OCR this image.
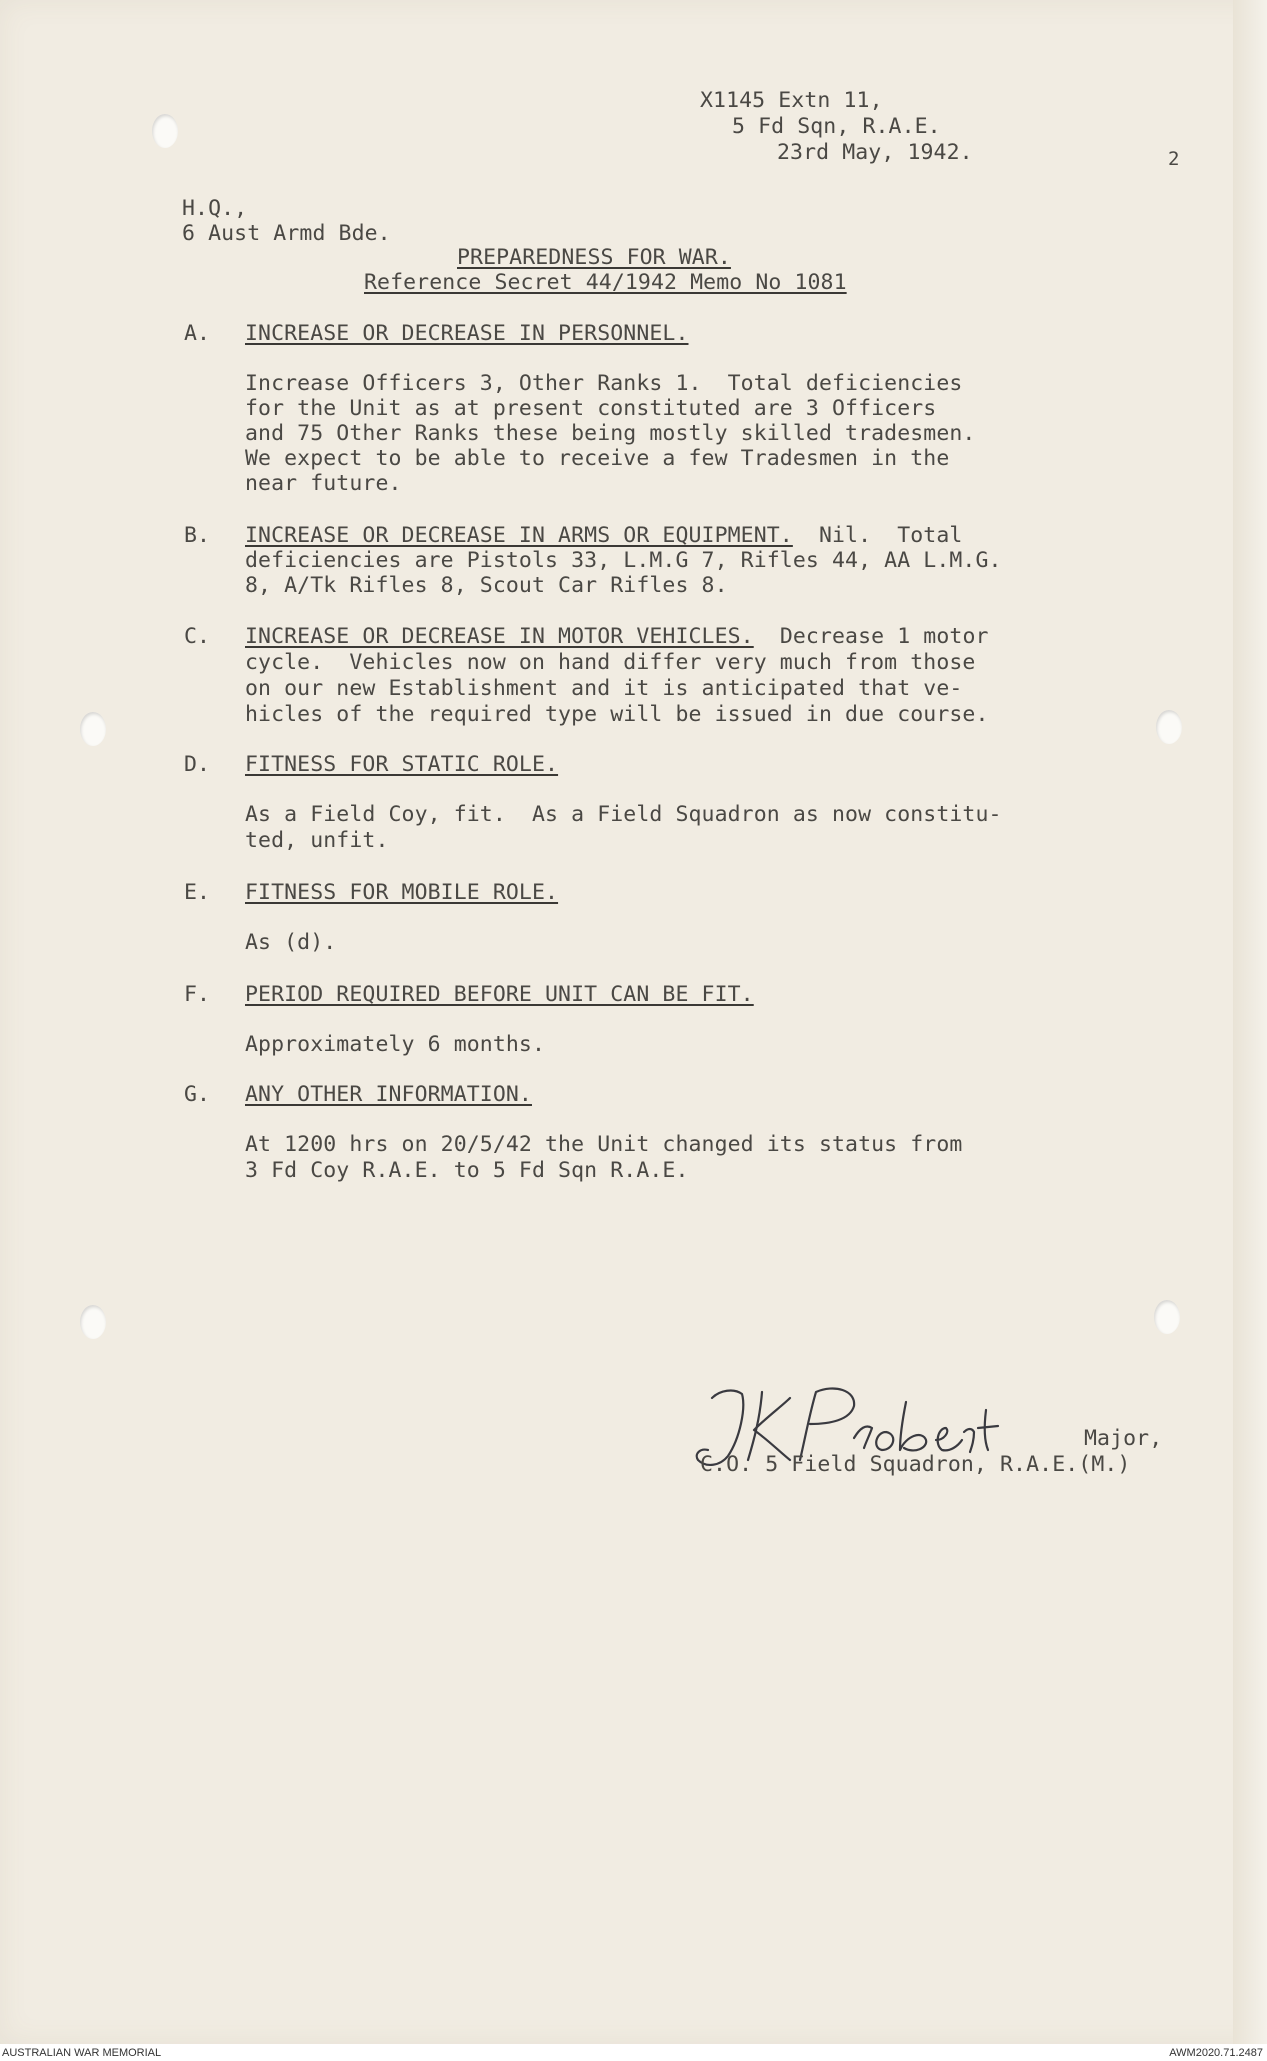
X1145 Extn 11,
5 Fd Sqn, R.A.E.
23rd May, 1942.	2
H.Q.,
6 Aust Armd Bde.
PREPAREDNESS FOR WAR.
Reference Secret 44/1942 Memo No 1081
A. INCREASE OR DECREASE IN PERSONNEL.
Increase Officers 3, Other Ranks 1.  Total deficiencies
for the Unit as at present constituted are 3 Officers
and 75 Other Ranks these being mostly skilled tradesmen.
We expect to be able to receive a few Tradesmen in the
near future.
B. INCREASE OR DECREASE IN ARMS OR EQUIPMENT.  Nil.  Total
deficiencies are Pistols 33, L.M.G 7, Rifles 44, AA L.M.G.
8, A/Tk Rifles 8, Scout Car Rifles 8.
C. INCREASE OR DECREASE IN MOTOR VEHICLES.  Decrease 1 motor
cycle.  Vehicles now on hand differ very much from those
on our new Establishment and it is anticipated that ve-
hicles of the required type will be issued in due course.
D. FITNESS FOR STATIC ROLE.
As a Field Coy, fit.  As a Field Squadron as now constitu-
ted, unfit.
E. FITNESS FOR MOBILE ROLE.
As (d).
F. PERIOD REQUIRED BEFORE UNIT CAN BE FIT.
Approximately 6 months.
G. ANY OTHER INFORMATION.
At 1200 hrs on 20/5/42 the Unit changed its status from
3 Fd Coy R.A.E. to 5 Fd Sqn R.A.E.
Major,
C.O. 5 Field Squadron, R.A.E.(M.)
AUSTRALIAN WAR MEMORIAL	AWM2020.71.2487
